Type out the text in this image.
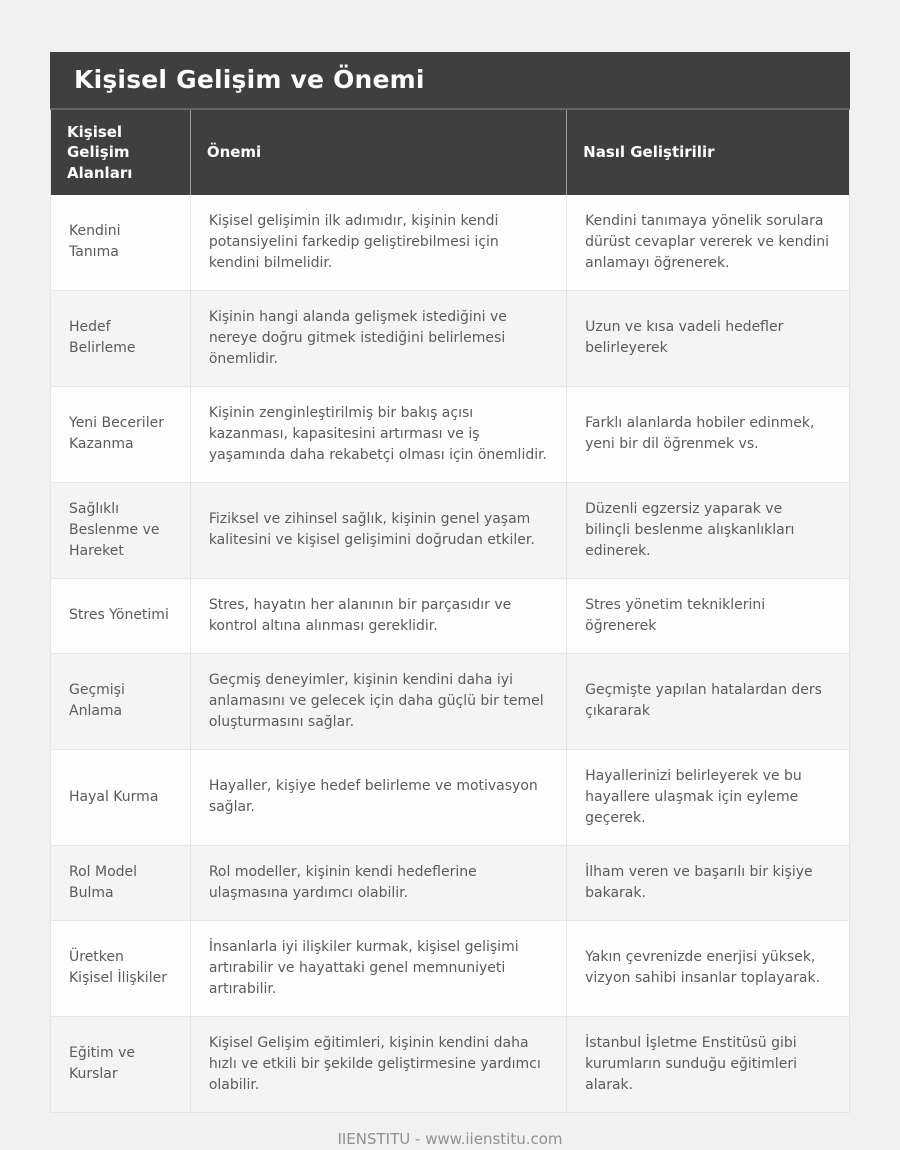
Kişisel Gelişim ve Önemi
Kişisel Gelişim Alanları	Önemi	Nasıl Geliştirilir
Kendini Tanıma	Kişisel gelişimin ilk adımıdır, kişinin kendi potansiyelini farkedip geliştirebilmesi için kendini bilmelidir.	Kendini tanımaya yönelik sorulara dürüst cevaplar vererek ve kendini anlamayı öğrenerek.
Hedef Belirleme	Kişinin hangi alanda gelişmek istediğini ve nereye doğru gitmek istediğini belirlemesi önemlidir.	Uzun ve kısa vadeli hedefler belirleyerek
Yeni Beceriler Kazanma	Kişinin zenginleştirilmiş bir bakış açısı kazanması, kapasitesini artırması ve iş yaşamında daha rekabetçi olması için önemlidir.	Farklı alanlarda hobiler edinmek, yeni bir dil öğrenmek vs.
Sağlıklı Beslenme ve Hareket	Fiziksel ve zihinsel sağlık, kişinin genel yaşam kalitesini ve kişisel gelişimini doğrudan etkiler.	Düzenli egzersiz yaparak ve bilinçli beslenme alışkanlıkları edinerek.
Stres Yönetimi	Stres, hayatın her alanının bir parçasıdır ve kontrol altına alınması gereklidir.	Stres yönetim tekniklerini öğrenerek
Geçmişi Anlama	Geçmiş deneyimler, kişinin kendini daha iyi anlamasını ve gelecek için daha güçlü bir temel oluşturmasını sağlar.	Geçmişte yapılan hatalardan ders çıkararak
Hayal Kurma	Hayaller, kişiye hedef belirleme ve motivasyon sağlar.	Hayallerinizi belirleyerek ve bu hayallere ulaşmak için eyleme geçerek.
Rol Model Bulma	Rol modeller, kişinin kendi hedeflerine ulaşmasına yardımcı olabilir.	İlham veren ve başarılı bir kişiye bakarak.
Üretken Kişisel İlişkiler	İnsanlarla iyi ilişkiler kurmak, kişisel gelişimi artırabilir ve hayattaki genel memnuniyeti artırabilir.	Yakın çevrenizde enerjisi yüksek, vizyon sahibi insanlar toplayarak.
Eğitim ve Kurslar	Kişisel Gelişim eğitimleri, kişinin kendini daha hızlı ve etkili bir şekilde geliştirmesine yardımcı olabilir.	İstanbul İşletme Enstitüsü gibi kurumların sunduğu eğitimleri alarak.
IIENSTITU - www.iienstitu.com
